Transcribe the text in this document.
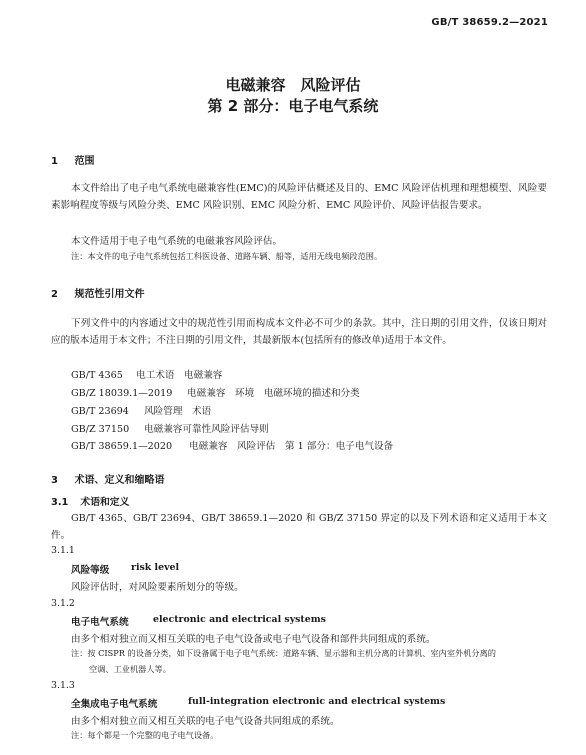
GB/T 38659.2—2021
电磁兼容　风险评估
第 2 部分：电子电气系统
1 范围
本文件给出了电子电气系统电磁兼容性(EMC)的风险评估概述及目的、EMC 风险评估机理和理想模型、风险要素影响程度等级与风险分类、EMC 风险识别、EMC 风险分析、EMC 风险评价、风险评估报告要求。
本文件适用于电子电气系统的电磁兼容风险评估。
注：本文件的电子电气系统包括工科医设备、道路车辆、船等，适用无线电频段范围。
2 规范性引用文件
下列文件中的内容通过文中的规范性引用而构成本文件必不可少的条款。其中，注日期的引用文件，仅该日期对应的版本适用于本文件；不注日期的引用文件，其最新版本(包括所有的修改单)适用于本文件。
GB/T 4365 电工术语　电磁兼容
GB/Z 18039.1—2019 电磁兼容　环境　电磁环境的描述和分类
GB/T 23694 风险管理　术语
GB/Z 37150 电磁兼容可靠性风险评估导则
GB/T 38659.1—2020 电磁兼容　风险评估　第 1 部分：电子电气设备
3 术语、定义和缩略语
3.1 术语和定义
GB/T 4365、GB/T 23694、GB/T 38659.1—2020 和 GB/Z 37150 界定的以及下列术语和定义适用于本文件。
3.1.1
风险等级 risk level
风险评估时，对风险要素所划分的等级。
3.1.2
电子电气系统	electronic and electrical systems
由多个相对独立而又相互关联的电子电气设备或电子电气设备和部件共同组成的系统。
注：按 CISPR 的设备分类，如下设备属于电子电气系统：道路车辆、显示器和主机分离的计算机、室内室外机分离的
空调、工业机器人等。
3.1.3
全集成电子电气系统	full-integration electronic and electrical systems
由多个相对独立而又相互关联的电子电气设备共同组成的系统。
注：每个都是一个完整的电子电气设备。
